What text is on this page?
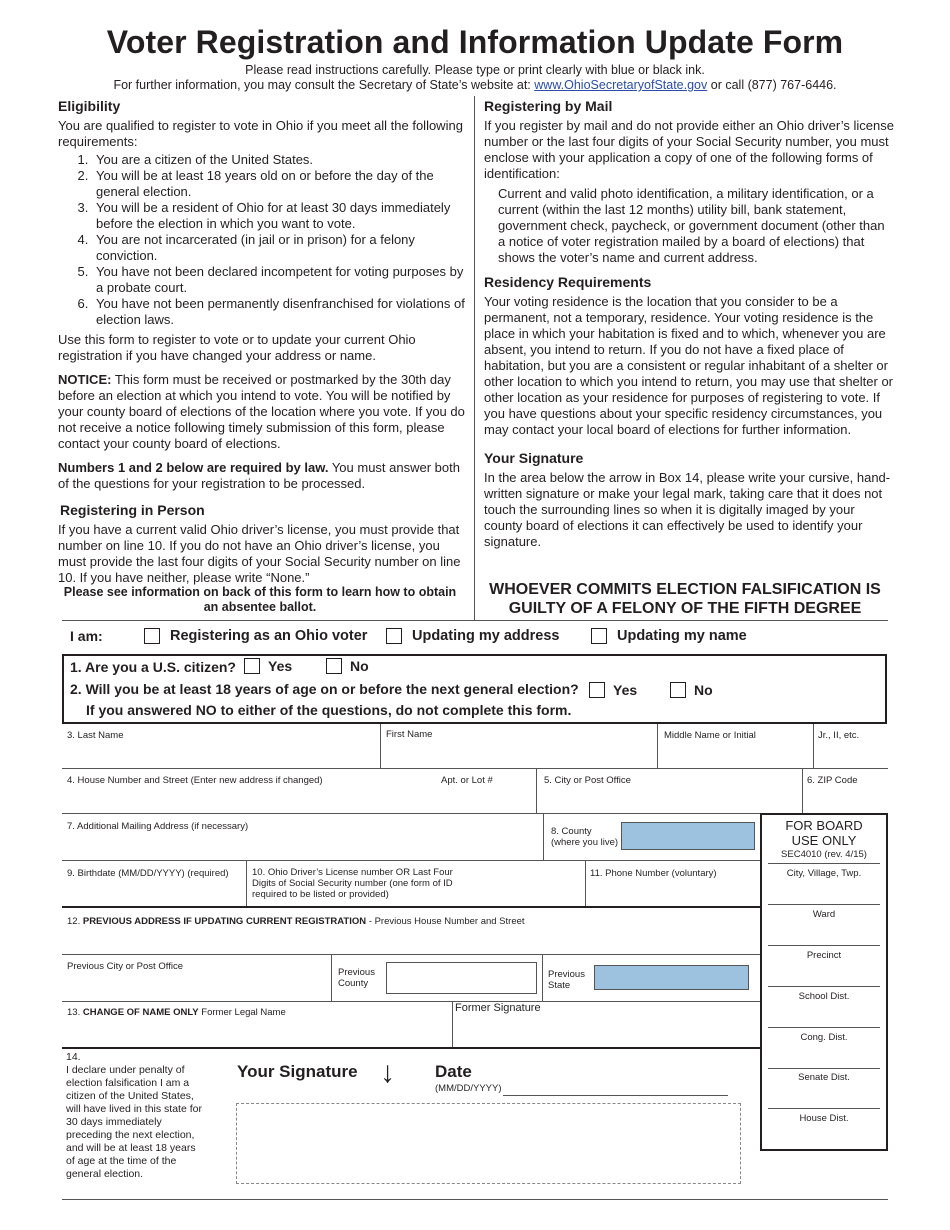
Voter Registration and Information Update Form
Please read instructions carefully. Please type or print clearly with blue or black ink.
For further information, you may consult the Secretary of State’s website at: www.OhioSecretaryofState.gov or call (877) 767-6446.
Eligibility

You are qualified to register to vote in Ohio if you meet all the following requirements:

1. You are a citizen of the United States.
2. You will be at least 18 years old on or before the day of the general election.
3. You will be a resident of Ohio for at least 30 days immediately before the election in which you want to vote.
4. You are not incarcerated (in jail or in prison) for a felony conviction.
5. You have not been declared incompetent for voting purposes by a probate court.
6. You have not been permanently disenfranchised for violations of election laws.

Use this form to register to vote or to update your current Ohio registration if you have changed your address or name.

NOTICE: This form must be received or postmarked by the 30th day before an election at which you intend to vote. You will be notified by your county board of elections of the location where you vote. If you do not receive a notice following timely submission of this form, please contact your county board of elections.

Numbers 1 and 2 below are required by law. You must answer both of the questions for your registration to be processed.

Registering in Person

If you have a current valid Ohio driver’s license, you must provide that number on line 10. If you do not have an Ohio driver’s license, you must provide the last four digits of your Social Security number on line 10. If you have neither, please write “None.”

Please see information on back of this form to learn how to obtain an absentee ballot.
Registering by Mail

If you register by mail and do not provide either an Ohio driver’s license number or the last four digits of your Social Security number, you must enclose with your application a copy of one of the following forms of identification:

Current and valid photo identification, a military identification, or a current (within the last 12 months) utility bill, bank statement, government check, paycheck, or government document (other than a notice of voter registration mailed by a board of elections) that shows the voter’s name and current address.

Residency Requirements

Your voting residence is the location that you consider to be a permanent, not a temporary, residence. Your voting residence is the place in which your habitation is fixed and to which, whenever you are absent, you intend to return. If you do not have a fixed place of habitation, but you are a consistent or regular inhabitant of a shelter or other location to which you intend to return, you may use that shelter or other location as your residence for purposes of registering to vote. If you have questions about your specific residency circumstances, you may contact your local board of elections for further information.

Your Signature

In the area below the arrow in Box 14, please write your cursive, hand-written signature or make your legal mark, taking care that it does not touch the surrounding lines so when it is digitally imaged by your county board of elections it can effectively be used to identify your signature.

WHOEVER COMMITS ELECTION FALSIFICATION IS GUILTY OF A FELONY OF THE FIFTH DEGREE
I am:	Registering as an Ohio voter	Updating my address	Updating my name
1. Are you a U.S. citizen? Yes	No
2. Will you be at least 18 years of age on or before the next general election? Yes	No
If you answered NO to either of the questions, do not complete this form.
3. Last Name	First Name	Middle Name or Initial	Jr., II, etc.
4. House Number and Street (Enter new address if changed)	Apt. or Lot #	5. City or Post Office	6. ZIP Code
7. Additional Mailing Address (if necessary)	8. County
(where you live)
9. Birthdate (MM/DD/YYYY) (required) 10. Ohio Driver’s License number OR Last Four
Digits of Social Security number (one form of ID
required to be listed or provided)
11. Phone Number (voluntary)
12. PREVIOUS ADDRESS IF UPDATING CURRENT REGISTRATION - Previous House Number and Street
Previous City or Post Office
Previous
County
Previous
State
13. CHANGE OF NAME ONLY Former Legal Name	Former Signature
14.
I declare under penalty of election falsification I am a citizen of the United States, will have lived in this state for 30 days immediately preceding the next election, and will be at least 18 years of age at the time of the general election.
Your Signature ↓ Date
(MM/DD/YYYY)
FOR BOARD
USE ONLY
SEC4010 (rev. 4/15)
City, Village, Twp.
Ward
Precinct
School Dist.
Cong. Dist.
Senate Dist.
House Dist.
